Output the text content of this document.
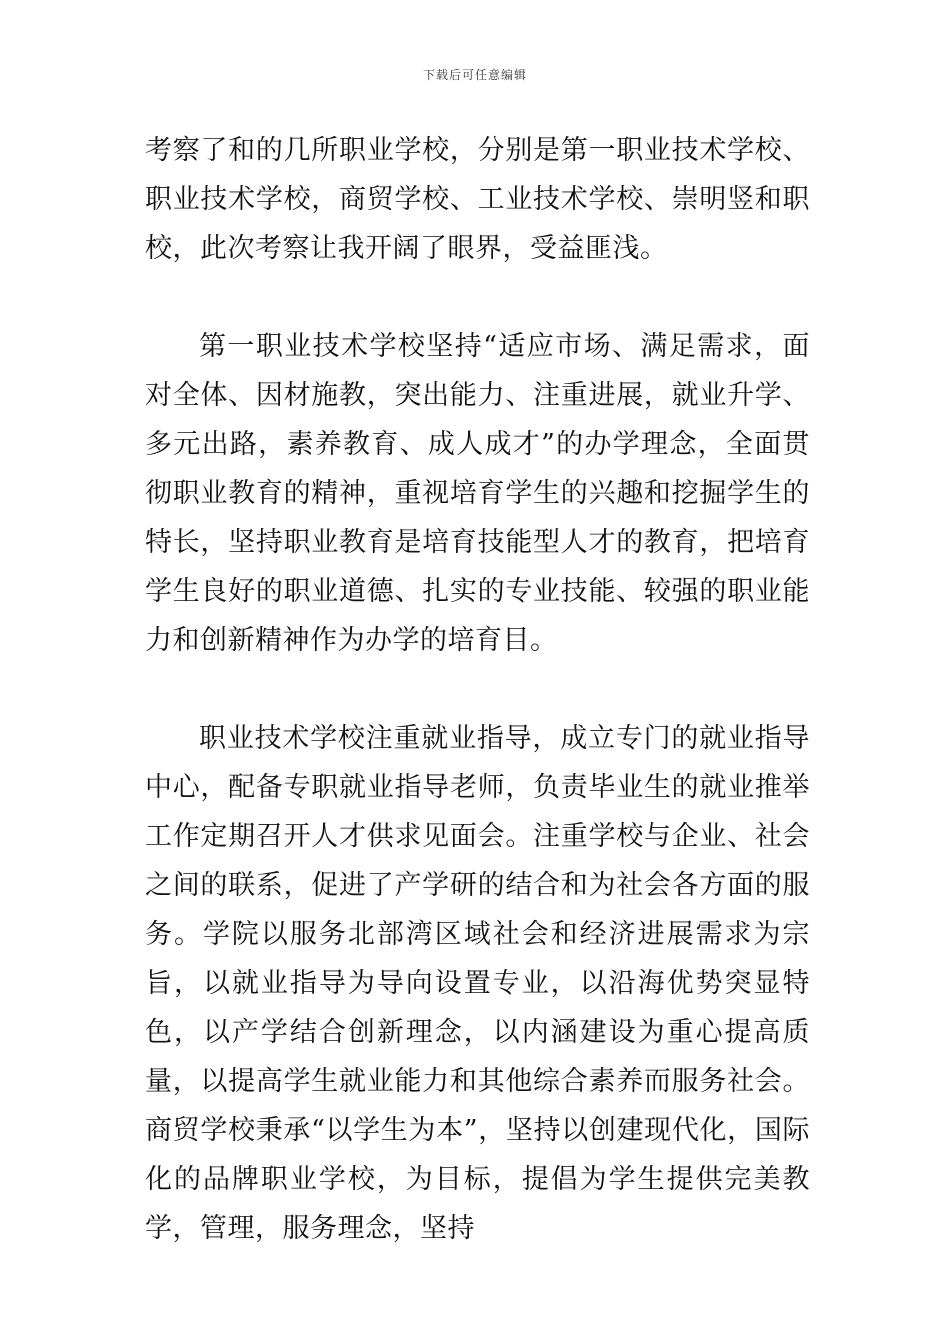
下载后可任意编辑

考察了和的几所职业学校，分别是第一职业技术学校、职业技术学校，商贸学校、工业技术学校、崇明竖和职校，此次考察让我开阔了眼界，受益匪浅。

第一职业技术学校坚持“适应市场、满足需求，面对全体、因材施教，突出能力、注重进展，就业升学、多元出路，素养教育、成人成才”的办学理念，全面贯彻职业教育的精神，重视培育学生的兴趣和挖掘学生的特长，坚持职业教育是培育技能型人才的教育，把培育学生良好的职业道德、扎实的专业技能、较强的职业能力和创新精神作为办学的培育目。

职业技术学校注重就业指导，成立专门的就业指导中心，配备专职就业指导老师，负责毕业生的就业推举工作定期召开人才供求见面会。注重学校与企业、社会之间的联系，促进了产学研的结合和为社会各方面的服务。学院以服务北部湾区域社会和经济进展需求为宗旨，以就业指导为导向设置专业，以沿海优势突显特色，以产学结合创新理念，以内涵建设为重心提高质量，以提高学生就业能力和其他综合素养而服务社会。商贸学校秉承“以学生为本”，坚持以创建现代化，国际化的品牌职业学校，为目标，提倡为学生提供完美教学，管理，服务理念，坚持
